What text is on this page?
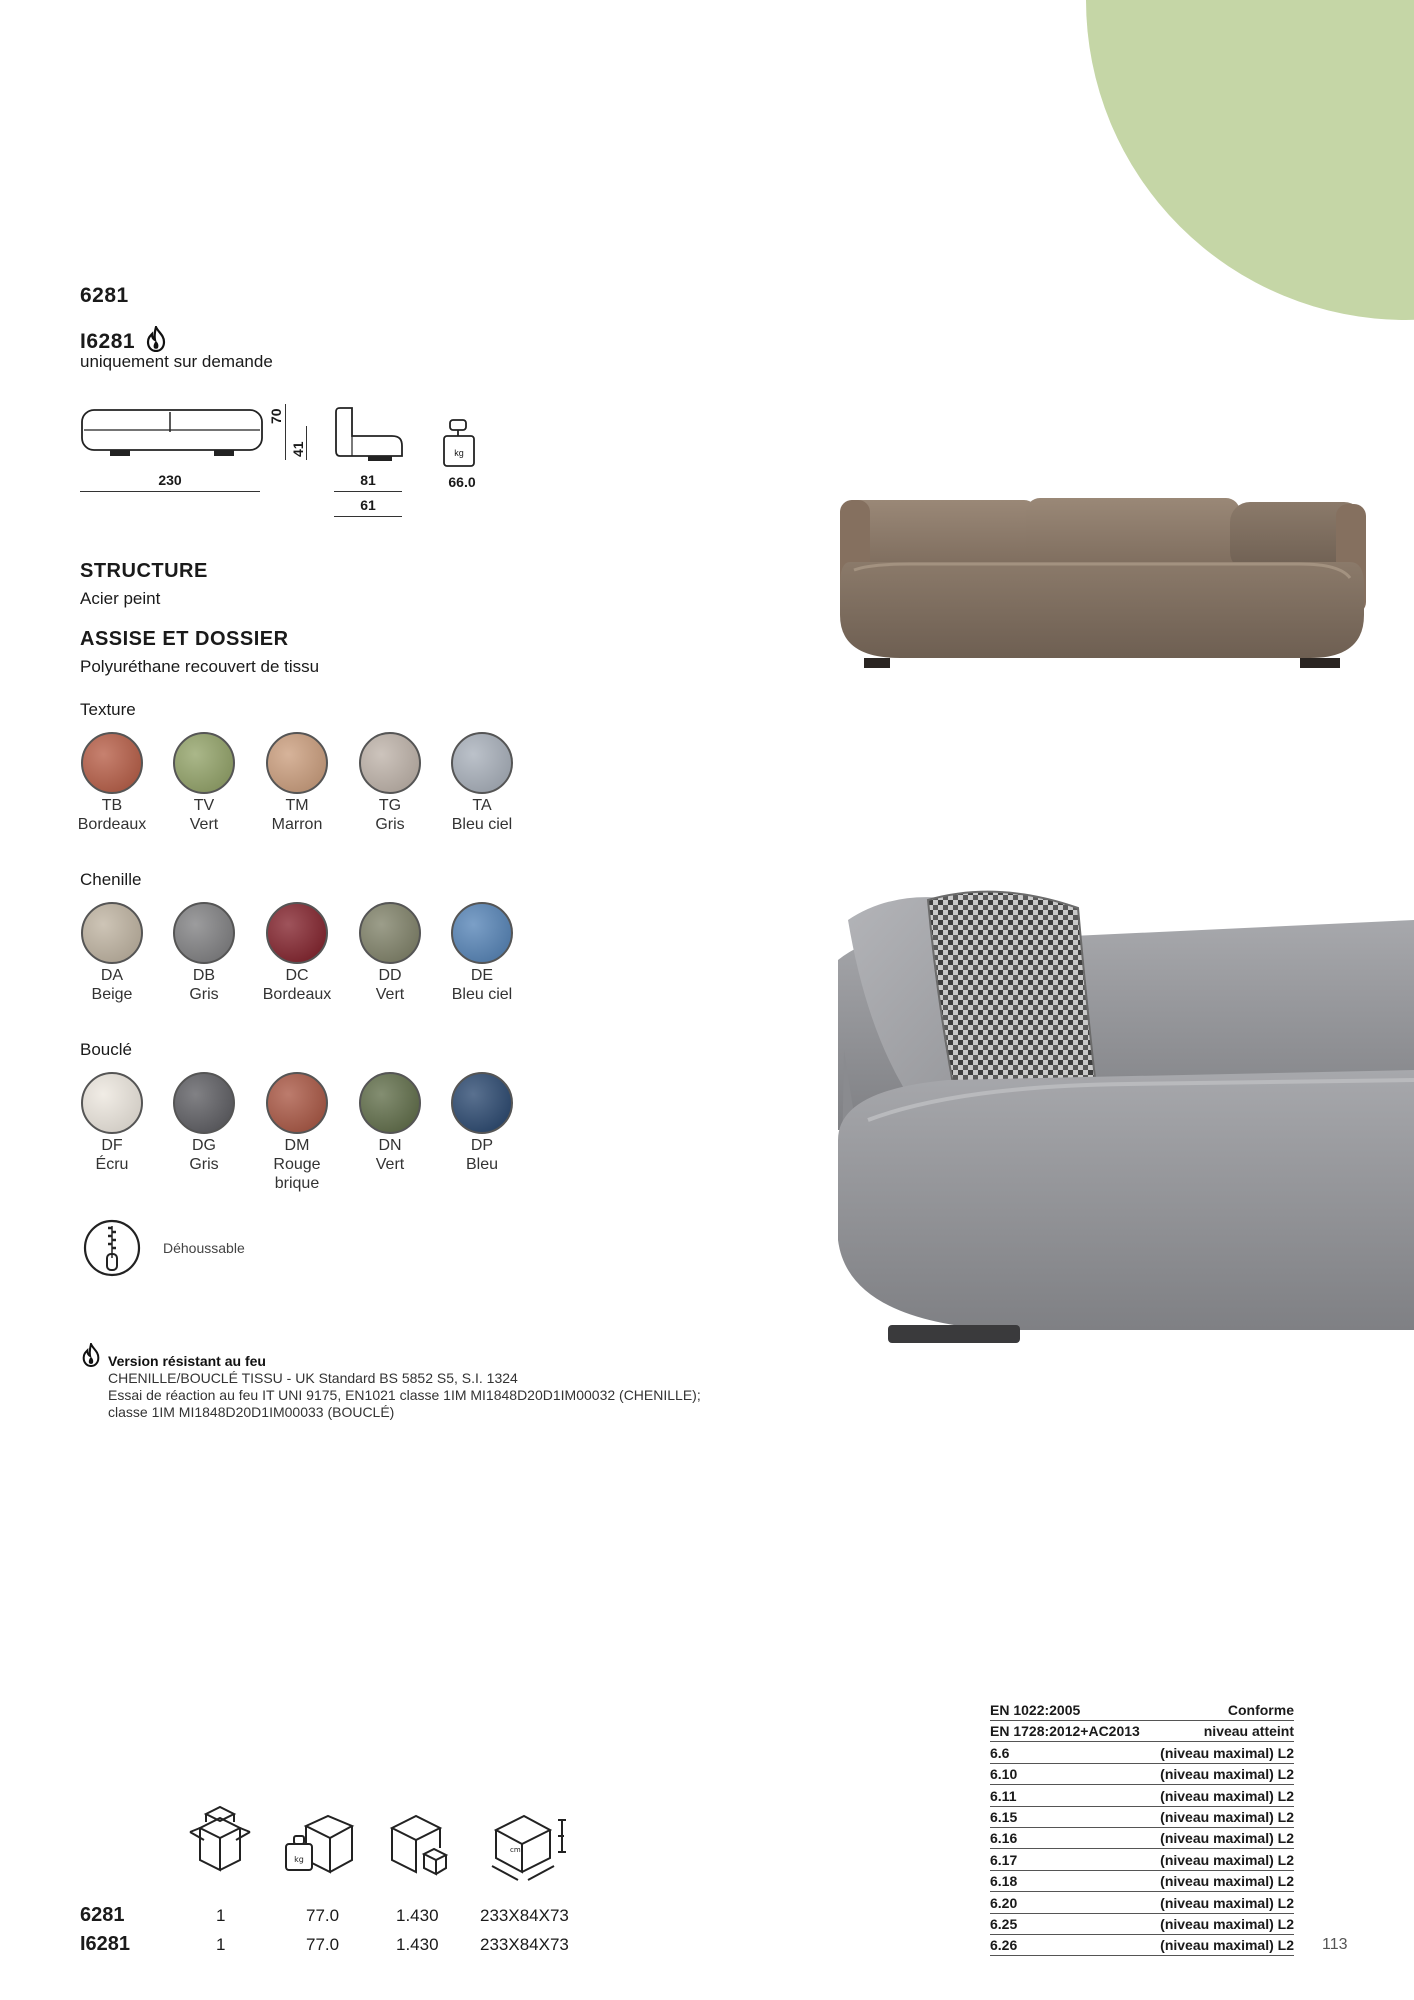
6281
I6281
uniquement sur demande
230
70
41
81
61
kg
66.0
STRUCTURE
Acier peint
ASSISE ET DOSSIER
Polyuréthane recouvert de tissu
Texture
TB
Bordeaux
TV
Vert
TM
Marron
TG
Gris
TA
Bleu ciel
Chenille
DA
Beige
DB
Gris
DC
Bordeaux
DD
Vert
DE
Bleu ciel
Bouclé
DF
Écru
DG
Gris
DM
Rouge
brique
DN
Vert
DP
Bleu
Déhoussable
Version résistant au feu
CHENILLE/BOUCLÉ TISSU - UK Standard BS 5852 S5, S.I. 1324
Essai de réaction au feu IT UNI 9175, EN1021 classe 1IM MI1848D20D1IM00032 (CHENILLE);
classe 1IM MI1848D20D1IM00033 (BOUCLÉ)
kg
cm
6281	1	77.0	1.430 233X84X73
I6281	1	77.0	1.430 233X84X73
EN 1022:2005	Conforme
EN 1728:2012+AC2013	niveau atteint
6.6	(niveau maximal) L2
6.10	(niveau maximal) L2
6.11	(niveau maximal) L2
6.15	(niveau maximal) L2
6.16	(niveau maximal) L2
6.17	(niveau maximal) L2
6.18	(niveau maximal) L2
6.20	(niveau maximal) L2
6.25	(niveau maximal) L2
6.26	(niveau maximal) L2 113
